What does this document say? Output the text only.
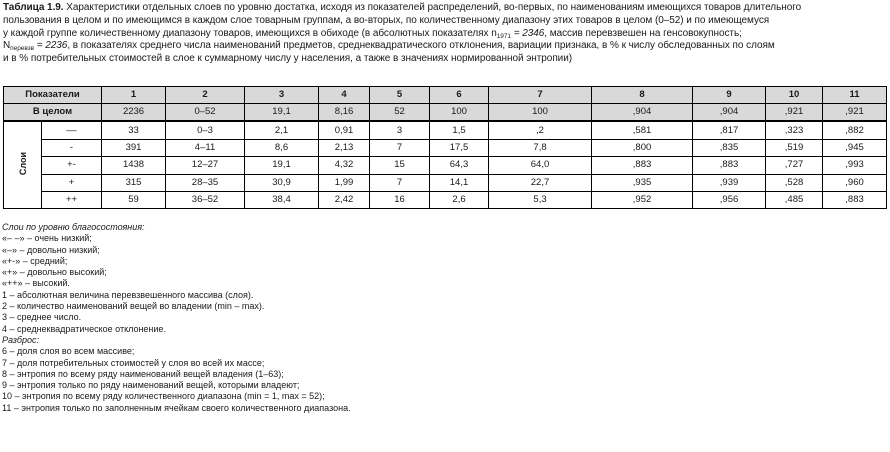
Таблица 1.9. Характеристики отдельных слоев по уровню достатка, исходя из показателей распределений, во-первых, по наименованиям имеющихся товаров длительного
пользования в целом и по имеющимся в каждом слое товарным группам, а во-вторых, по количественному диапазону этих товаров в целом (0–52) и по имеющемуся
у каждой группе количественному диапазону товаров, имеющихся в обиходе (в абсолютных показателях $n_{1971} = 2346$, массив перевзвешен на генсовокупность;
$N_{перевзв} = 2236$, в показателях среднего числа наименований предметов, среднеквадратического отклонения, вариации признака, в % к числу обследованных по слоям
и в % потребительных стоимостей в слое к суммарному числу у населения, а также в значениях нормированной энтропии)
Показатели		1	2	3	4	5	6	7	8	9	10	11
В целом		2236	0–52	19,1	8,16	52	100	100	,904	,904	,921	,921
Слои	––	33	0–3	2,1	0,91	3	1,5	,2	,581	,817	,323	,882
	-	391	4–11	8,6	2,13	7	17,5	7,8	,800	,835	,519	,945
	+-	1438	12–27	19,1	4,32	15	64,3	64,0	,883	,883	,727	,993
	+	315	28–35	30,9	1,99	7	14,1	22,7	,935	,939	,528	,960
	++	59	36–52	38,4	2,42	16	2,6	5,3	,952	,956	,485	,883
Слои по уровню благосостояния:
«– –» – очень низкий;
«–» – довольно низкий;
«+-» – средний;
«+» – довольно высокий;
«++» – высокий.
1 – абсолютная величина перевзвешенного массива (слоя).
2 – количество наименований вещей во владении (min – max).
3 – среднее число.
4 – среднеквадратическое отклонение.
Разброс:
6 – доля слоя во всем массиве;
7 – доля потребительных стоимостей у слоя во всей их массе;
8 – энтропия по всему ряду наименований вещей владения (1–63);
9 – энтропия только по ряду наименований вещей, которыми владеют;
10 – энтропия по всему ряду количественного диапазона (min = 1, max = 52);
11 – энтропия только по заполненным ячейкам своего количественного диапазона.
